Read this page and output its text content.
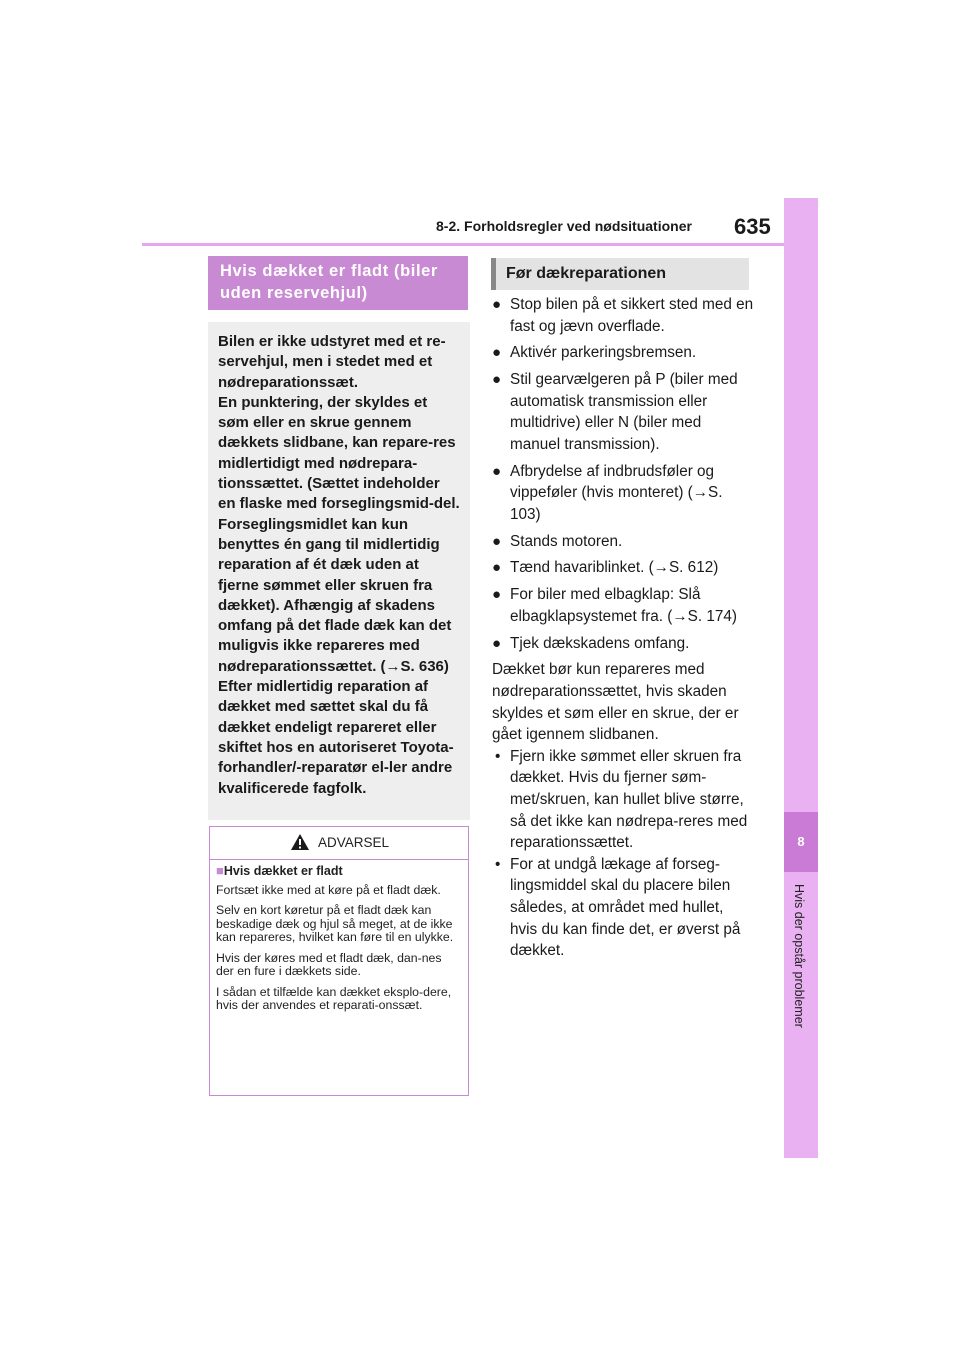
8-2. Forholdsregler ved nødsituationer 635
8
Hvis der opstår problemer
Hvis dækket er fladt (biler uden reservehjul)

Bilen er ikke udstyret med et re-servehjul, men i stedet med et nødreparationssæt.

En punktering, der skyldes et søm eller en skrue gennem dækkets slidbane, kan repare-res midlertidigt med nødrepara-tionssættet. (Sættet indeholder en flaske med forseglingsmid-del. Forseglingsmidlet kan kun benyttes én gang til midlertidig reparation af ét dæk uden at fjerne sømmet eller skruen fra dækket). Afhængig af skadens omfang på det flade dæk kan det muligvis ikke repareres med nødreparationssættet. (→S. 636)

Efter midlertidig reparation af dækket med sættet skal du få dækket endeligt repareret eller skiftet hos en autoriseret Toyota-forhandler/-reparatør el-ler andre kvalificerede fagfolk.

ADVARSEL

■Hvis dækket er fladt

Fortsæt ikke med at køre på et fladt dæk.

Selv en kort køretur på et fladt dæk kan beskadige dæk og hjul så meget, at de ikke kan repareres, hvilket kan føre til en ulykke.

Hvis der køres med et fladt dæk, dan-nes der en fure i dækkets side.

I sådan et tilfælde kan dækket eksplo-dere, hvis der anvendes et reparati-onssæt.

Før dækreparationen
● Stop bilen på et sikkert sted med en fast og jævn overflade.
● Aktivér parkeringsbremsen.
● Stil gearvælgeren på P (biler med automatisk transmission eller multidrive) eller N (biler med manuel transmission).
● Afbrydelse af indbrudsføler og vippeføler (hvis monteret) (→S. 103)
● Stands motoren.
● Tænd havariblinket. (→S. 612)
● For biler med elbagklap: Slå elbagklapsystemet fra. (→S. 174)
● Tjek dækskadens omfang.

Dækket bør kun repareres med nødreparationssættet, hvis skaden skyldes et søm eller en skrue, der er gået igennem slidbanen.

• Fjern ikke sømmet eller skruen fra dækket. Hvis du fjerner søm-met/skruen, kan hullet blive større, så det ikke kan nødrepa-reres med reparationssættet.
• For at undgå lækage af forseg-lingsmiddel skal du placere bilen således, at området med hullet, hvis du kan finde det, er øverst på dækket.
